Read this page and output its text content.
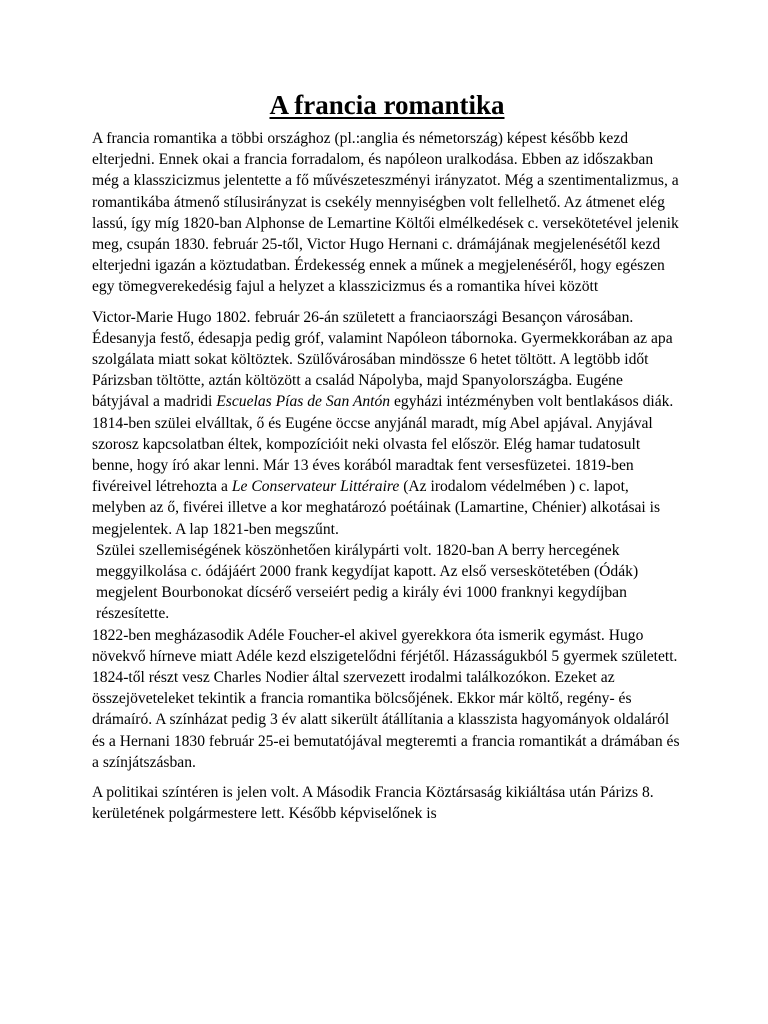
A francia romantika

A francia romantika a többi országhoz (pl.:anglia és németország) képest később kezd elterjedni. Ennek okai a francia forradalom, és napóleon uralkodása. Ebben az időszakban még a klasszicizmus jelentette a fő művészeteszményi irányzatot. Még a szentimentalizmus, a romantikába átmenő stílusirányzat is csekély mennyiségben volt fellelhető. Az átmenet elég lassú, így míg 1820-ban Alphonse de Lemartine Költői elmélkedések c. versekötetével jelenik meg, csupán 1830. február 25-től, Victor Hugo Hernani c. drámájának megjelenésétől kezd elterjedni igazán a köztudatban. Érdekesség ennek a műnek a megjelenéséről, hogy egészen egy tömegverekedésig fajul a helyzet a klasszicizmus és a romantika hívei között

Victor-Marie Hugo 1802. február 26-án született a franciaországi Besançon városában. Édesanyja festő, édesapja pedig gróf, valamint Napóleon tábornoka. Gyermekkorában az apa szolgálata miatt sokat költöztek. Szülővárosában mindössze 6 hetet töltött. A legtöbb időt Párizsban töltötte, aztán költözött a család Nápolyba, majd Spanyolországba. Eugéne bátyjával a madridi Escuelas Pías de San Antón egyházi intézményben volt bentlakásos diák.

1814-ben szülei elválltak, ő és Eugéne öccse anyjánál maradt, míg Abel apjával. Anyjával szorosz kapcsolatban éltek, kompozícióit neki olvasta fel először. Elég hamar tudatosult benne, hogy író akar lenni. Már 13 éves korából maradtak fent versesfüzetei. 1819-ben fivéreivel létrehozta a Le Conservateur Littéraire (Az irodalom védelmében ) c. lapot, melyben az ő, fivérei illetve a kor meghatározó poétáinak (Lamartine, Chénier) alkotásai is megjelentek. A lap 1821-ben megszűnt.

Szülei szellemiségének köszönhetően királypárti volt. 1820-ban A berry hercegének meggyilkolása c. ódájáért 2000 frank kegydíjat kapott. Az első verseskötetében (Ódák) megjelent Bourbonokat dícsérő verseiért pedig a király évi 1000 franknyi kegydíjban részesítette.

1822-ben megházasodik Adéle Foucher-el akivel gyerekkora óta ismerik egymást. Hugo növekvő hírneve miatt Adéle kezd elszigetelődni férjétől. Házasságukból 5 gyermek született.

1824-től részt vesz Charles Nodier által szervezett irodalmi találkozókon. Ezeket az összejöveteleket tekintik a francia romantika bölcsőjének. Ekkor már költő, regény- és drámaíró. A színházat pedig 3 év alatt sikerült átállítania a klasszista hagyományok oldaláról és a Hernani 1830 február 25-ei bemutatójával megteremti a francia romantikát a drámában és a színjátszásban.

A politikai színtéren is jelen volt. A Második Francia Köztársaság kikiáltása után Párizs 8. kerületének polgármestere lett. Később képviselőnek is
